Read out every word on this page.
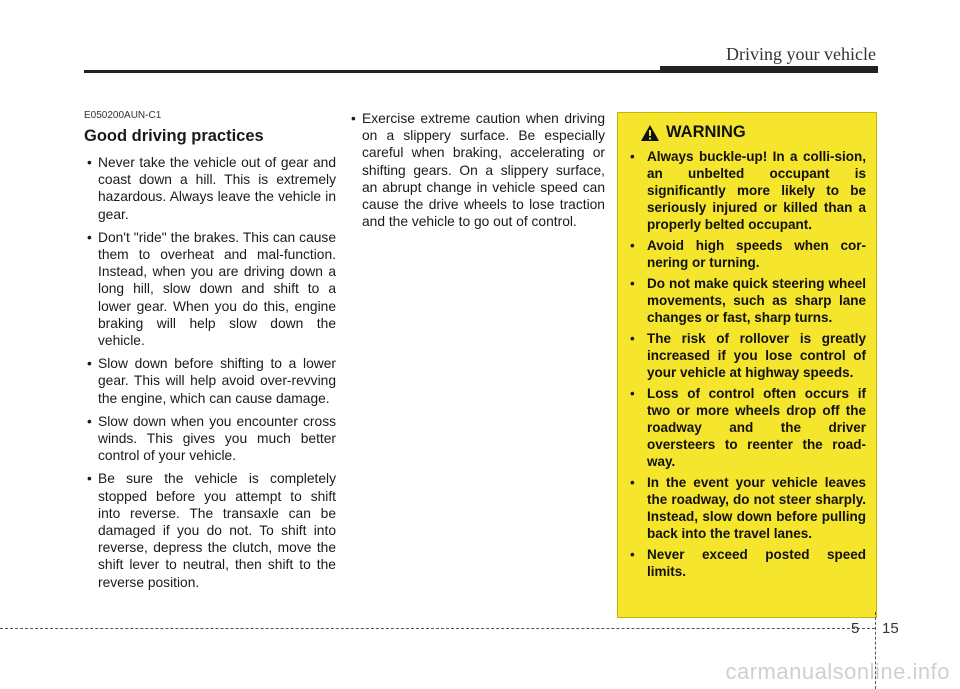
Driving your vehicle
E050200AUN-C1
Good driving practices
• Never take the vehicle out of gear and coast down a hill. This is extremely hazardous. Always leave the vehicle in gear.
• Don't "ride" the brakes. This can cause them to overheat and mal-function. Instead, when you are driving down a long hill, slow down and shift to a lower gear. When you do this, engine braking will help slow down the vehicle.
• Slow down before shifting to a lower gear. This will help avoid over-revving the engine, which can cause damage.
• Slow down when you encounter cross winds. This gives you much better control of your vehicle.
• Be sure the vehicle is completely stopped before you attempt to shift into reverse. The transaxle can be damaged if you do not. To shift into reverse, depress the clutch, move the shift lever to neutral, then shift to the reverse position.
• Exercise extreme caution when driving on a slippery surface. Be especially careful when braking, accelerating or shifting gears. On a slippery surface, an abrupt change in vehicle speed can cause the drive wheels to lose traction and the vehicle to go out of control.
WARNING
• Always buckle-up! In a colli-sion, an unbelted occupant is significantly more likely to be seriously injured or killed than a properly belted occupant.
• Avoid high speeds when cor-nering or turning.
• Do not make quick steering wheel movements, such as sharp lane changes or fast, sharp turns.
• The risk of rollover is greatly increased if you lose control of your vehicle at highway speeds.
• Loss of control often occurs if two or more wheels drop off the roadway and the driver oversteers to reenter the road-way.
• In the event your vehicle leaves the roadway, do not steer sharply. Instead, slow down before pulling back into the travel lanes.
• Never exceed posted speed limits.
5 15
carmanualsonline.info
